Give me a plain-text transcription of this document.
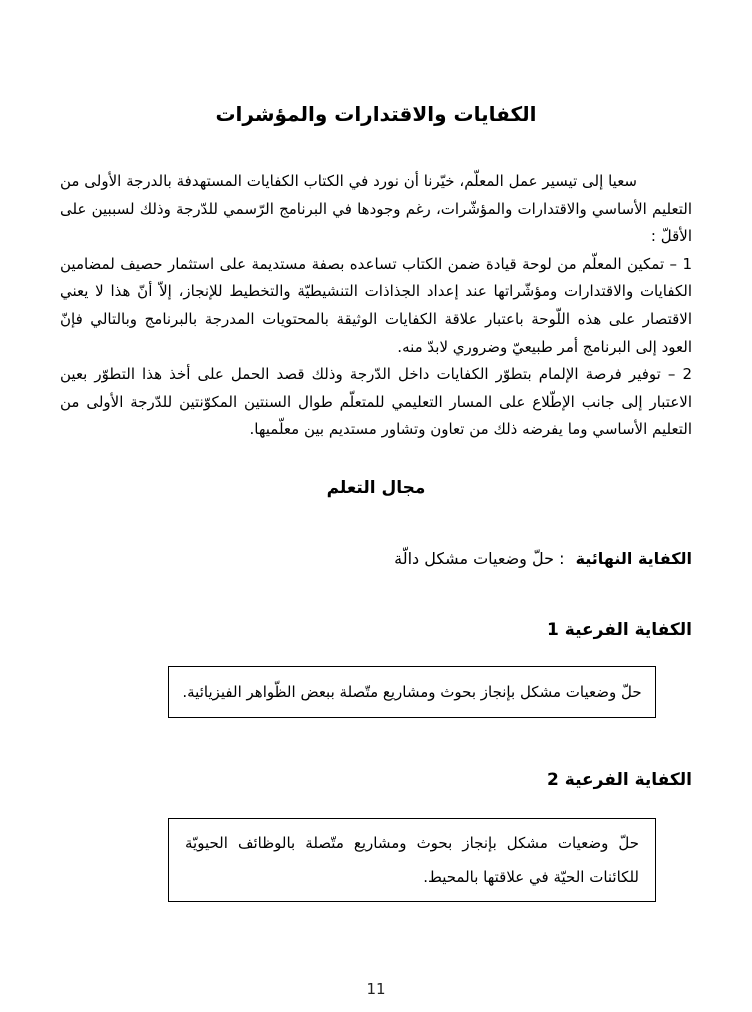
الكفايات والاقتدارات والمؤشرات

سعيا إلى تيسير عمل المعلّم، خيّرنا أن نورد في الكتاب الكفايات المستهدفة بالدرجة الأولى من التعليم الأساسي والاقتدارات والمؤشّرات، رغم وجودها في البرنامج الرّسمي للدّرجة وذلك لسببين على الأقلّ :

1 – تمكين المعلّم من لوحة قيادة ضمن الكتاب تساعده بصفة مستديمة على استثمار حصيف لمضامين الكفايات والاقتدارات ومؤشّراتها عند إعداد الجذاذات التنشيطيّة والتخطيط للإنجاز، إلاّ أنّ هذا لا يعني الاقتصار على هذه اللّوحة باعتبار علاقة الكفايات الوثيقة بالمحتويات المدرجة بالبرنامج وبالتالي فإنّ العود إلى البرنامج أمر طبيعيّ وضروري لابدّ منه.

2 – توفير فرصة الإلمام بتطوّر الكفايات داخل الدّرجة وذلك قصد الحمل على أخذ هذا التطوّر بعين الاعتبار إلى جانب الإطّلاع على المسار التعليمي للمتعلّم طوال السنتين المكوّنتين للدّرجة الأولى من التعليم الأساسي وما يفرضه ذلك من تعاون وتشاور مستديم بين معلّميها.

مجال التعلم

الكفاية النهائية : حلّ وضعيات مشكل دالّة

الكفاية الفرعية 1
حلّ وضعيات مشكل بإنجاز بحوث ومشاريع متّصلة ببعض الظّواهر الفيزيائية.
الكفاية الفرعية 2
حلّ وضعيات مشكل بإنجاز بحوث ومشاريع متّصلة بالوظائف الحيويّة للكائنات الحيّة في علاقتها بالمحيط.
11
